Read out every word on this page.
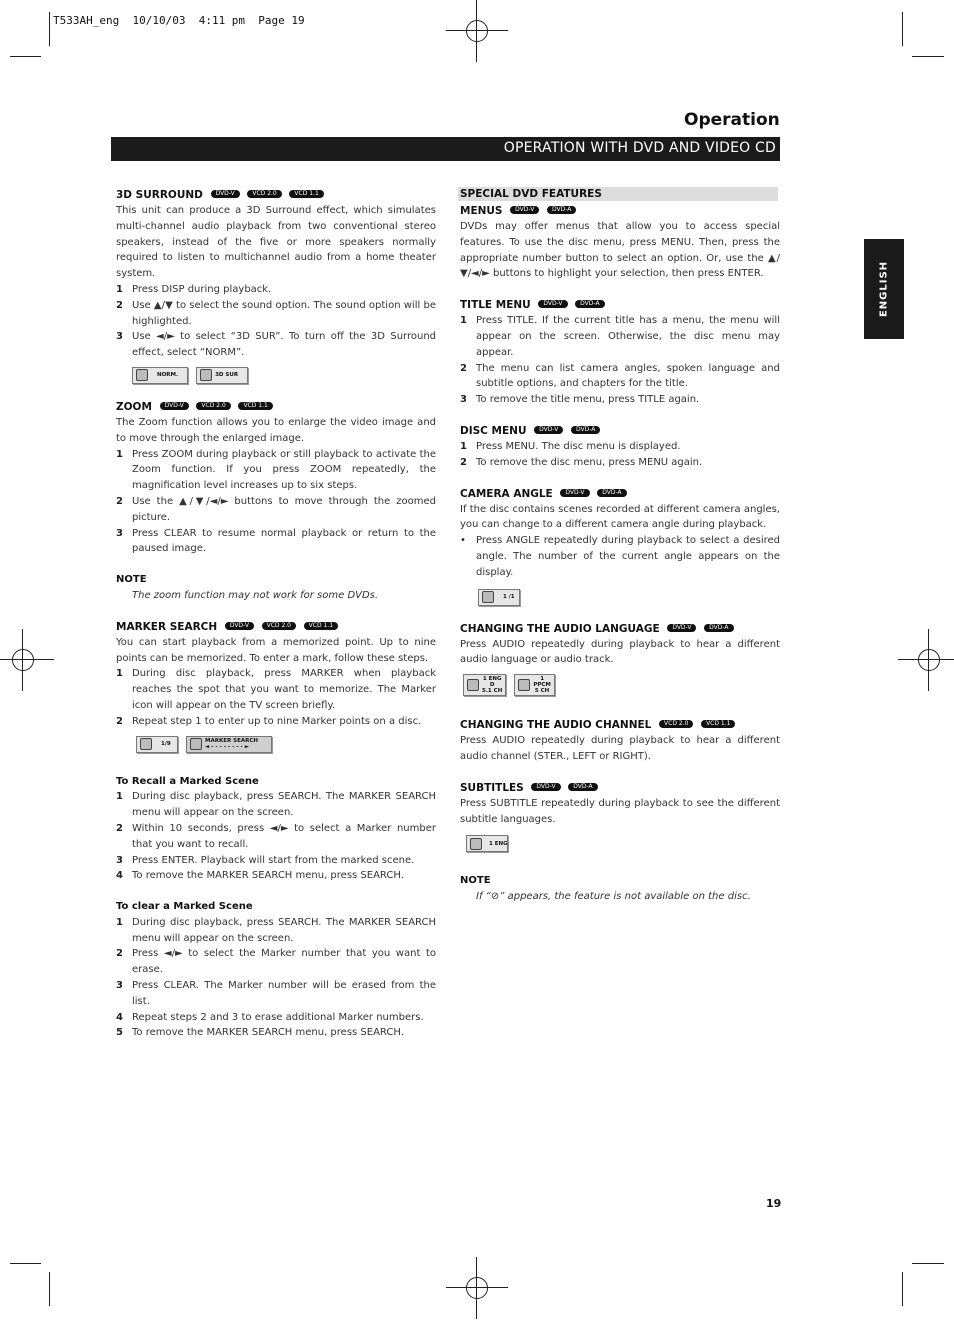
T533AH_eng  10/10/03  4:11 pm  Page 19
Operation
OPERATION WITH DVD AND VIDEO CD
ENGLISH
3D SURROUND DVD-V	VCD 2.0	VCD 1.1

This unit can produce a 3D Surround effect, which simulates multi-channel audio playback from two conventional stereo speakers, instead of the five or more speakers normally required to listen to multichannel audio from a home theater system.

1 Press DISP during playback.
2 Use ▲/▼ to select the sound option. The sound option will be highlighted.
3 Use ◄/► to select “3D SUR”. To turn off the 3D Surround effect, select “NORM”.
NORM.	3D SUR
ZOOM DVD-V	VCD 2.0	VCD 1.1

The Zoom function allows you to enlarge the video image and to move through the enlarged image.

1 Press ZOOM during playback or still playback to activate the Zoom function. If you press ZOOM repeatedly, the magnification level increases up to six steps.
2 Use the ▲/▼/◄/► buttons to move through the zoomed picture.
3 Press CLEAR to resume normal playback or return to the paused image.
NOTE
The zoom function may not work for some DVDs.
MARKER SEARCH DVD-V	VCD 2.0	VCD 1.1

You can start playback from a memorized point. Up to nine points can be memorized. To enter a mark, follow these steps.

1 During disc playback, press MARKER when playback reaches the spot that you want to memorize. The Marker icon will appear on the TV screen briefly.
2 Repeat step 1 to enter up to nine Marker points on a disc.
1/9	MARKER SEARCH
◄ - - - - - - - - ►
To Recall a Marked Scene
1 During disc playback, press SEARCH. The MARKER SEARCH menu will appear on the screen.
2 Within 10 seconds, press ◄/► to select a Marker number that you want to recall.
3 Press ENTER. Playback will start from the marked scene.
4 To remove the MARKER SEARCH menu, press SEARCH.
To clear a Marked Scene
1 During disc playback, press SEARCH. The MARKER SEARCH menu will appear on the screen.
2 Press ◄/► to select the Marker number that you want to erase.
3 Press CLEAR. The Marker number will be erased from the list.
4 Repeat steps 2 and 3 to erase additional Marker numbers.
5 To remove the MARKER SEARCH menu, press SEARCH.
SPECIAL DVD FEATURES
MENUS DVD-V	DVD-A

DVDs may offer menus that allow you to access special features. To use the disc menu, press MENU. Then, press the appropriate number button to select an option. Or, use the ▲/▼/◄/► buttons to highlight your selection, then press ENTER.

TITLE MENU DVD-V	DVD-A
1 Press TITLE. If the current title has a menu, the menu will appear on the screen. Otherwise, the disc menu may appear.
2 The menu can list camera angles, spoken language and subtitle options, and chapters for the title.
3 To remove the title menu, press TITLE again.
DISC MENU DVD-V	DVD-A
1 Press MENU. The disc menu is displayed.
2 To remove the disc menu, press MENU again.
CAMERA ANGLE DVD-V	DVD-A

If the disc contains scenes recorded at different camera angles, you can change to a different camera angle during playback.

•	Press ANGLE repeatedly during playback to select a desired angle. The number of the current angle appears on the display.
1 /1
CHANGING THE AUDIO LANGUAGE DVD-V	DVD-A

Press AUDIO repeatedly during playback to hear a different audio language or audio track.

1 ENG
D
5.1 CH
1
PPCM
5 CH
CHANGING THE AUDIO CHANNEL VCD 2.0	VCD 1.1

Press AUDIO repeatedly during playback to hear a different audio channel (STER., LEFT or RIGHT).

SUBTITLES DVD-V	DVD-A

Press SUBTITLE repeatedly during playback to see the different subtitle languages.

1 ENG
NOTE
If “⊘” appears, the feature is not available on the disc.
19
